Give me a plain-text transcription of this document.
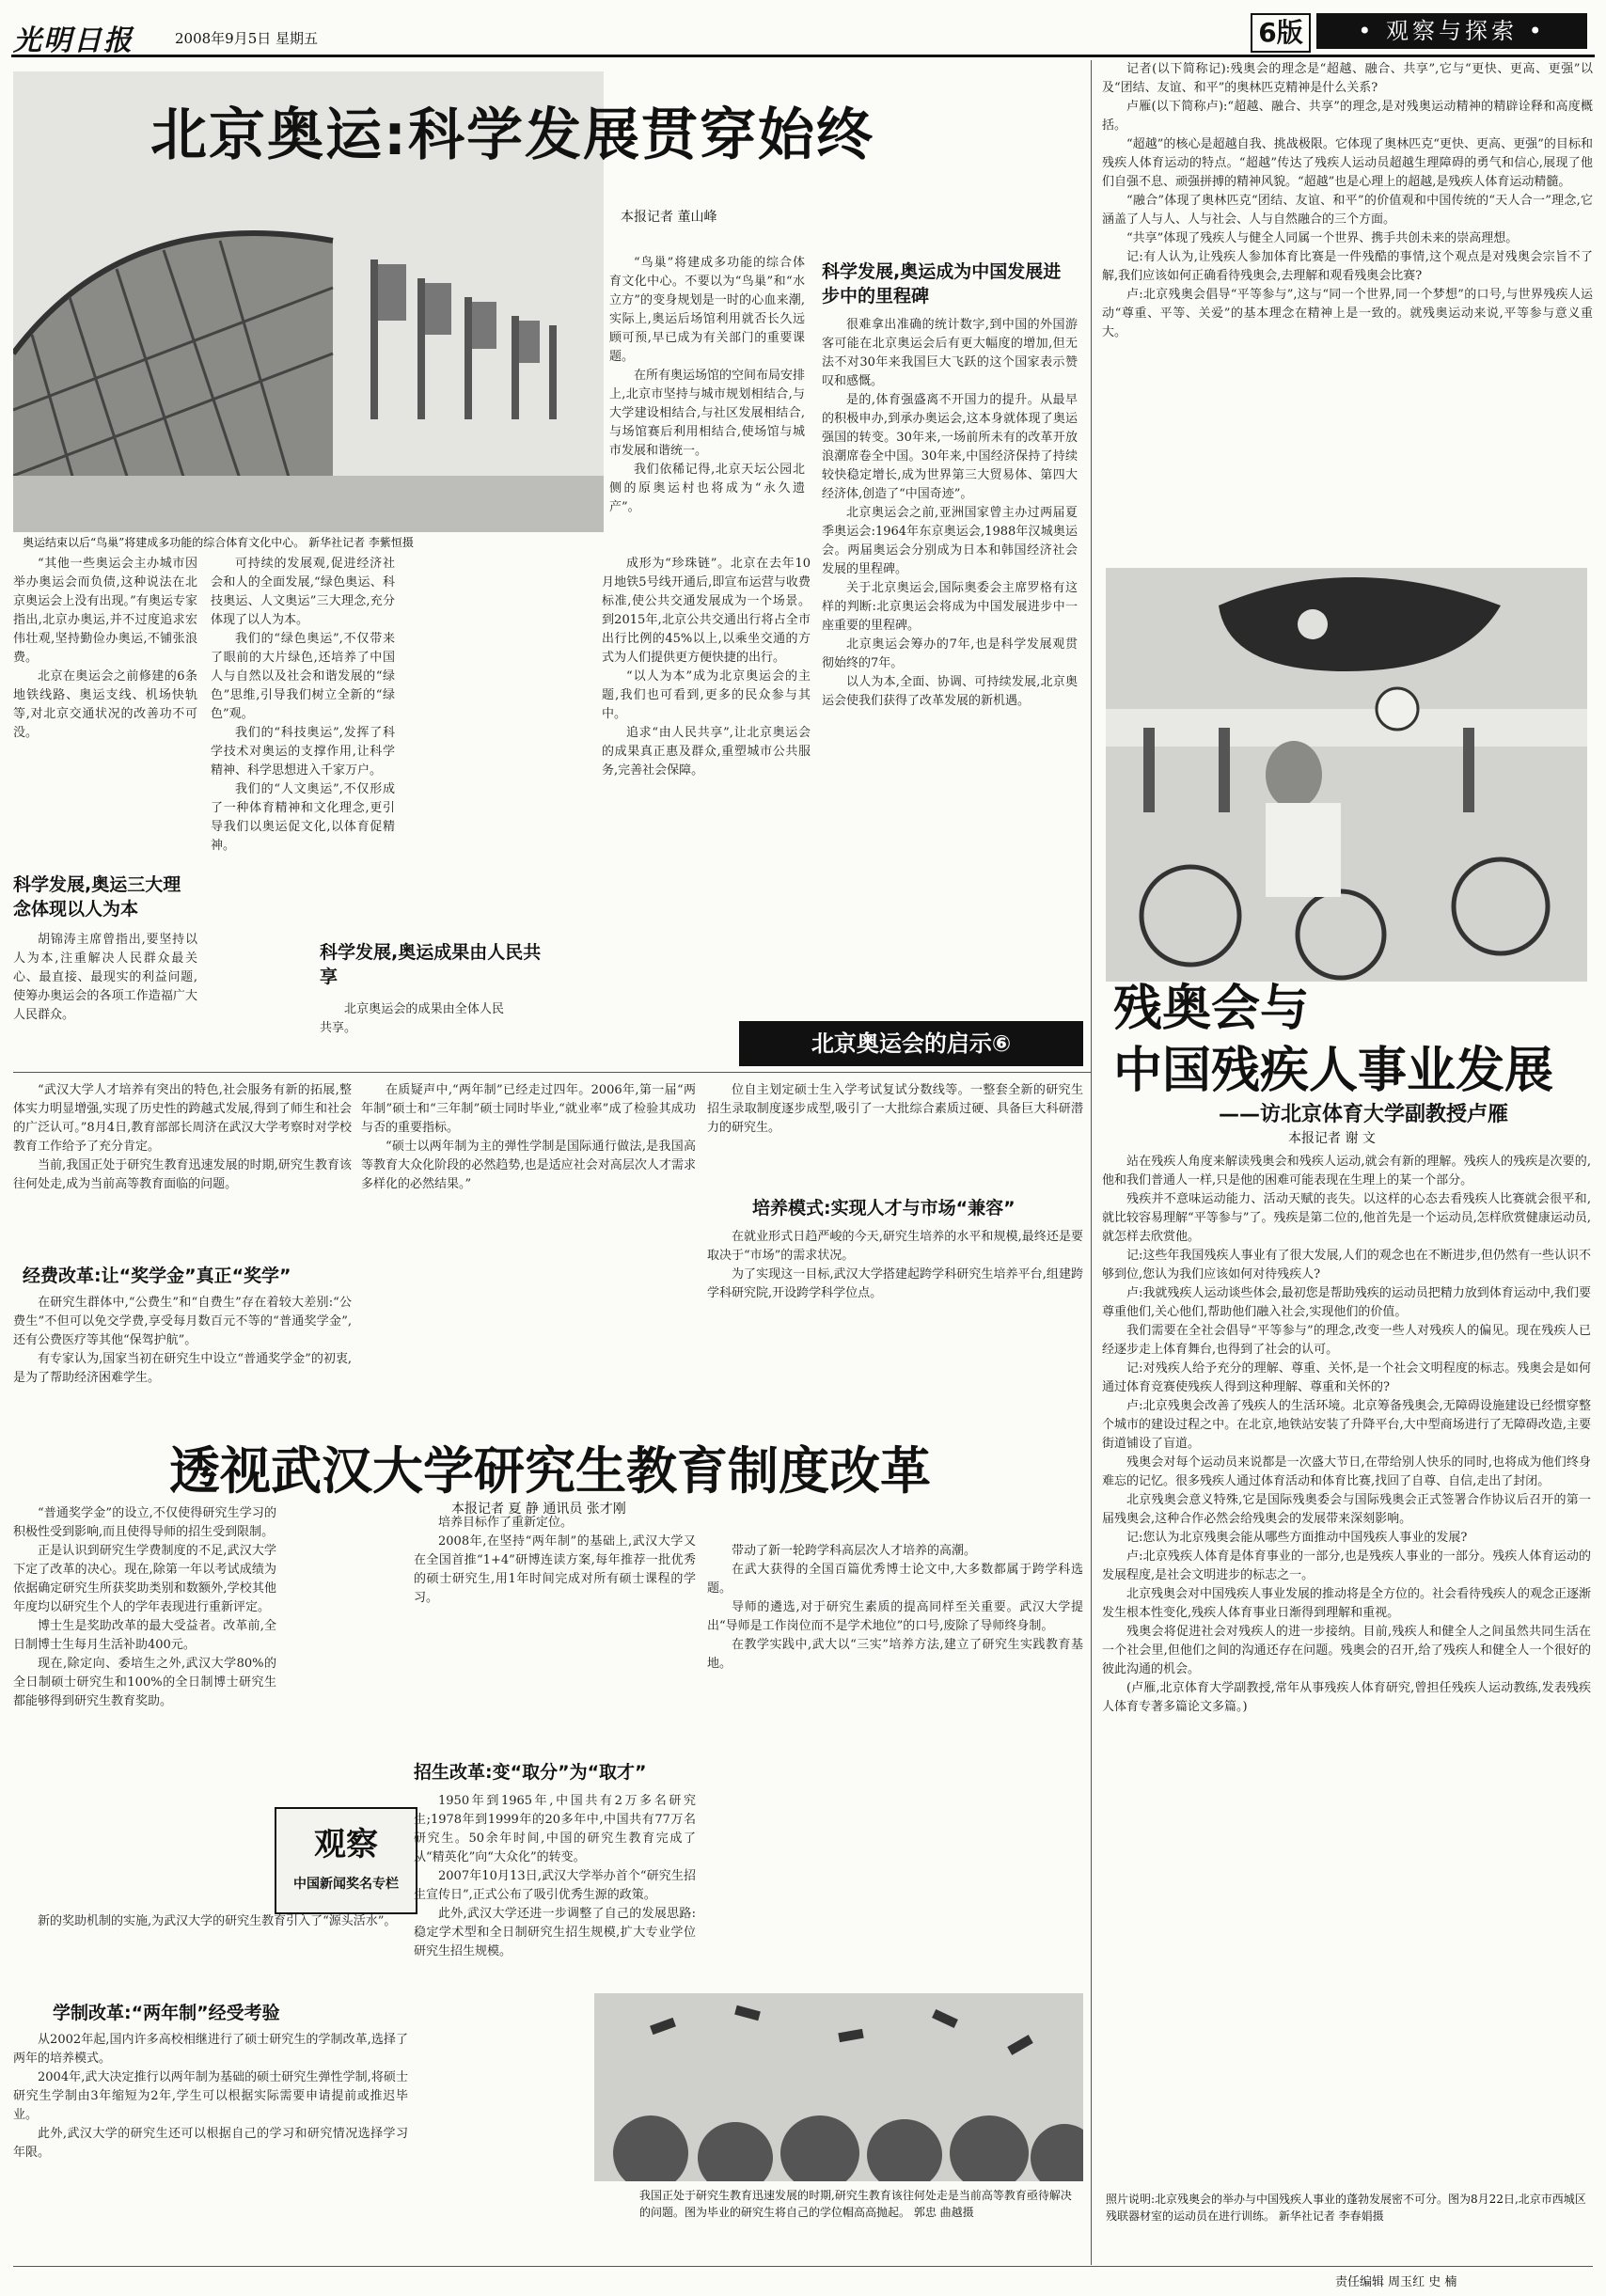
光明日报	2008年9月5日 星期五	6版	• 观察与探索 •
北京奥运:科学发展贯穿始终
奥运结束以后“鸟巢”将建成多功能的综合体育文化中心。 新华社记者 李紫恒摄
本报记者 董山峰

“鸟巢”将建成多功能的综合体育文化中心。不要以为“鸟巢”和“水立方”的变身规划是一时的心血来潮,实际上,奥运后场馆利用就否长久远顾可预,早已成为有关部门的重要课题。

在所有奥运场馆的空间布局安排上,北京市坚持与城市规划相结合,与大学建设相结合,与社区发展相结合,与场馆赛后利用相结合,使场馆与城市发展和谐统一。

我们依稀记得,北京天坛公园北侧的原奥运村也将成为“永久遗产”。

科学发展,奥运成为中国发展进步中的里程碑

很难拿出准确的统计数字,到中国的外国游客可能在北京奥运会后有更大幅度的增加,但无法不对30年来我国巨大飞跃的这个国家表示赞叹和感慨。

是的,体育强盛离不开国力的提升。从最早的积极申办,到承办奥运会,这本身就体现了奥运强国的转变。30年来,一场前所未有的改革开放浪潮席卷全中国。30年来,中国经济保持了持续较快稳定增长,成为世界第三大贸易体、第四大经济体,创造了“中国奇迹”。

北京奥运会之前,亚洲国家曾主办过两届夏季奥运会:1964年东京奥运会,1988年汉城奥运会。两届奥运会分别成为日本和韩国经济社会发展的里程碑。

关于北京奥运会,国际奥委会主席罗格有这样的判断:北京奥运会将成为中国发展进步中一座重要的里程碑。

北京奥运会筹办的7年,也是科学发展观贯彻始终的7年。

以人为本,全面、协调、可持续发展,北京奥运会使我们获得了改革发展的新机遇。

“其他一些奥运会主办城市因举办奥运会而负债,这种说法在北京奥运会上没有出现。”有奥运专家指出,北京办奥运,并不过度追求宏伟壮观,坚持勤俭办奥运,不铺张浪费。

北京在奥运会之前修建的6条地铁线路、奥运支线、机场快轨等,对北京交通状况的改善功不可没。

科学发展,奥运三大理念体现以人为本

胡锦涛主席曾指出,要坚持以人为本,注重解决人民群众最关心、最直接、最现实的利益问题,使筹办奥运会的各项工作造福广大人民群众。

可持续的发展观,促进经济社会和人的全面发展,“绿色奥运、科技奥运、人文奥运”三大理念,充分体现了以人为本。

我们的“绿色奥运”,不仅带来了眼前的大片绿色,还培养了中国人与自然以及社会和谐发展的“绿色”思维,引导我们树立全新的“绿色”观。

我们的“科技奥运”,发挥了科学技术对奥运的支撑作用,让科学精神、科学思想进入千家万户。

我们的“人文奥运”,不仅形成了一种体育精神和文化理念,更引导我们以奥运促文化,以体育促精神。

科学发展,奥运成果由人民共享

北京奥运会的成果由全体人民共享。

成形为“珍珠链”。北京在去年10月地铁5号线开通后,即宣布运营与收费标准,使公共交通发展成为一个场景。到2015年,北京公共交通出行将占全市出行比例的45%以上,以乘坐交通的方式为人们提供更方便快捷的出行。

“以人为本”成为北京奥运会的主题,我们也可看到,更多的民众参与其中。

追求“由人民共享”,让北京奥运会的成果真正惠及群众,重塑城市公共服务,完善社会保障。

北京奥运会的启示⑥

记者(以下简称记):残奥会的理念是“超越、融合、共享”,它与“更快、更高、更强”以及“团结、友谊、和平”的奥林匹克精神是什么关系?

卢雁(以下简称卢):“超越、融合、共享”的理念,是对残奥运动精神的精辟诠释和高度概括。

“超越”的核心是超越自我、挑战极限。它体现了奥林匹克“更快、更高、更强”的目标和残疾人体育运动的特点。“超越”传达了残疾人运动员超越生理障碍的勇气和信心,展现了他们自强不息、顽强拼搏的精神风貌。“超越”也是心理上的超越,是残疾人体育运动精髓。

“融合”体现了奥林匹克“团结、友谊、和平”的价值观和中国传统的“天人合一”理念,它涵盖了人与人、人与社会、人与自然融合的三个方面。

“共享”体现了残疾人与健全人同属一个世界、携手共创未来的崇高理想。

记:有人认为,让残疾人参加体育比赛是一件残酷的事情,这个观点是对残奥会宗旨不了解,我们应该如何正确看待残奥会,去理解和观看残奥会比赛?

卢:北京残奥会倡导“平等参与”,这与“同一个世界,同一个梦想”的口号,与世界残疾人运动“尊重、平等、关爱”的基本理念在精神上是一致的。就残奥运动来说,平等参与意义重大。

残奥会与
中国残疾人事业发展
——访北京体育大学副教授卢雁
本报记者 谢 文

站在残疾人角度来解读残奥会和残疾人运动,就会有新的理解。残疾人的残疾是次要的,他和我们普通人一样,只是他的困难可能表现在生理上的某一个部分。

残疾并不意味运动能力、活动天赋的丧失。以这样的心态去看残疾人比赛就会很平和,就比较容易理解“平等参与”了。残疾是第二位的,他首先是一个运动员,怎样欣赏健康运动员,就怎样去欣赏他。

记:这些年我国残疾人事业有了很大发展,人们的观念也在不断进步,但仍然有一些认识不够到位,您认为我们应该如何对待残疾人?

卢:我就残疾人运动谈些体会,最初您是帮助残疾的运动员把精力放到体育运动中,我们要尊重他们,关心他们,帮助他们融入社会,实现他们的价值。

我们需要在全社会倡导“平等参与”的理念,改变一些人对残疾人的偏见。现在残疾人已经逐步走上体育舞台,也得到了社会的认可。

记:对残疾人给予充分的理解、尊重、关怀,是一个社会文明程度的标志。残奥会是如何通过体育竞赛使残疾人得到这种理解、尊重和关怀的?

卢:北京残奥会改善了残疾人的生活环境。北京筹备残奥会,无障碍设施建设已经惯穿整个城市的建设过程之中。在北京,地铁站安装了升降平台,大中型商场进行了无障碍改造,主要街道铺设了盲道。

残奥会对每个运动员来说都是一次盛大节日,在带给别人快乐的同时,也将成为他们终身难忘的记忆。很多残疾人通过体育活动和体育比赛,找回了自尊、自信,走出了封闭。

北京残奥会意义特殊,它是国际残奥委会与国际残奥会正式签署合作协议后召开的第一届残奥会,这种合作必然会给残奥会的发展带来深刻影响。

记:您认为北京残奥会能从哪些方面推动中国残疾人事业的发展?

卢:北京残疾人体育是体育事业的一部分,也是残疾人事业的一部分。残疾人体育运动的发展程度,是社会文明进步的标志之一。

北京残奥会对中国残疾人事业发展的推动将是全方位的。社会看待残疾人的观念正逐渐发生根本性变化,残疾人体育事业日渐得到理解和重视。

残奥会将促进社会对残疾人的进一步接纳。目前,残疾人和健全人之间虽然共同生活在一个社会里,但他们之间的沟通还存在问题。残奥会的召开,给了残疾人和健全人一个很好的彼此沟通的机会。

(卢雁,北京体育大学副教授,常年从事残疾人体育研究,曾担任残疾人运动教练,发表残疾人体育专著多篇论文多篇。)

照片说明:北京残奥会的举办与中国残疾人事业的蓬勃发展密不可分。图为8月22日,北京市西城区残联器材室的运动员在进行训练。 新华社记者 李春娟摄

“武汉大学人才培养有突出的特色,社会服务有新的拓展,整体实力明显增强,实现了历史性的跨越式发展,得到了师生和社会的广泛认可。”8月4日,教育部部长周济在武汉大学考察时对学校教育工作给予了充分肯定。

当前,我国正处于研究生教育迅速发展的时期,研究生教育该往何处走,成为当前高等教育面临的问题。

经费改革:让“奖学金”真正“奖学”

在研究生群体中,“公费生”和“自费生”存在着较大差别:“公费生”不但可以免交学费,享受每月数百元不等的“普通奖学金”,还有公费医疗等其他“保驾护航”。

有专家认为,国家当初在研究生中设立“普通奖学金”的初衷,是为了帮助经济困难学生。

透视武汉大学研究生教育制度改革
本报记者 夏 静 通讯员 张才刚

“普通奖学金”的设立,不仅使得研究生学习的积极性受到影响,而且使得导师的招生受到限制。

正是认识到研究生学费制度的不足,武汉大学下定了改革的决心。现在,除第一年以考试成绩为依据确定研究生所获奖助类别和数额外,学校其他年度均以研究生个人的学年表现进行重新评定。

博士生是奖助改革的最大受益者。改革前,全日制博士生每月生活补助400元。

现在,除定向、委培生之外,武汉大学80%的全日制硕士研究生和100%的全日制博士研究生都能够得到研究生教育奖助。

观察
中国新闻奖名专栏

新的奖助机制的实施,为武汉大学的研究生教育引入了“源头活水”。

学制改革:“两年制”经受考验

从2002年起,国内许多高校相继进行了硕士研究生的学制改革,选择了两年的培养模式。

2004年,武大决定推行以两年制为基础的硕士研究生弹性学制,将硕士研究生学制由3年缩短为2年,学生可以根据实际需要申请提前或推迟毕业。

此外,武汉大学的研究生还可以根据自己的学习和研究情况选择学习年限。

在质疑声中,“两年制”已经走过四年。2006年,第一届“两年制”硕士和“三年制”硕士同时毕业,“就业率”成了检验其成功与否的重要指标。

“硕士以两年制为主的弹性学制是国际通行做法,是我国高等教育大众化阶段的必然趋势,也是适应社会对高层次人才需求多样化的必然结果。”

培养目标作了重新定位。

2008年,在坚持“两年制”的基础上,武汉大学又在全国首推“1+4”研博连读方案,每年推荐一批优秀的硕士研究生,用1年时间完成对所有硕士课程的学习。

招生改革:变“取分”为“取才”

1950年到1965年,中国共有2万多名研究生;1978年到1999年的20多年中,中国共有77万名研究生。50余年时间,中国的研究生教育完成了从“精英化”向“大众化”的转变。

2007年10月13日,武汉大学举办首个“研究生招生宣传日”,正式公布了吸引优秀生源的政策。

此外,武汉大学还进一步调整了自己的发展思路:稳定学术型和全日制研究生招生规模,扩大专业学位研究生招生规模。

位自主划定硕士生入学考试复试分数线等。一整套全新的研究生招生录取制度逐步成型,吸引了一大批综合素质过硬、具备巨大科研潜力的研究生。

培养模式:实现人才与市场“兼容”

在就业形式日趋严峻的今天,研究生培养的水平和规模,最终还是要取决于“市场”的需求状况。

为了实现这一目标,武汉大学搭建起跨学科研究生培养平台,组建跨学科研究院,开设跨学科学位点。

带动了新一轮跨学科高层次人才培养的高潮。

在武大获得的全国百篇优秀博士论文中,大多数都属于跨学科选题。

导师的遴选,对于研究生素质的提高同样至关重要。武汉大学提出“导师是工作岗位而不是学术地位”的口号,废除了导师终身制。

在教学实践中,武大以“三实”培养方法,建立了研究生实践教育基地。

我国正处于研究生教育迅速发展的时期,研究生教育该往何处走是当前高等教育亟待解决的问题。图为毕业的研究生将自己的学位帽高高抛起。 郭忠 曲越摄
责任编辑 周玉红 史 楠
